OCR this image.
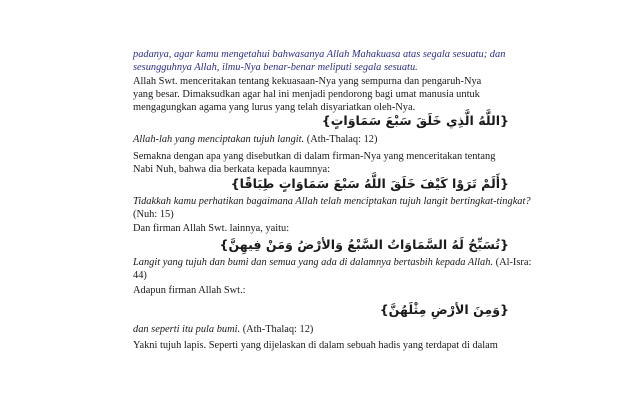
padanya, agar kamu mengetahui bahwasanya Allah Mahakuasa atas segala sesuatu; dan
sesungguhnya Allah, ilmu-Nya benar-benar meliputi segala sesuatu.
Allah Swt. menceritakan tentang kekuasaan-Nya yang sempurna dan pengaruh-Nya
yang besar. Dimaksudkan agar hal ini menjadi pendorong bagi umat manusia untuk
mengagungkan agama yang lurus yang telah disyariatkan oleh-Nya.
{اللَّهُ الَّذِي خَلَقَ سَبْعَ سَمَاوَاتٍ}
Allah-lah yang menciptakan tujuh langit. (Ath-Thalaq: 12)
Semakna dengan apa yang disebutkan di dalam firman-Nya yang menceritakan tentang
Nabi Nuh, bahwa dia berkata kepada kaumnya:
{أَلَمْ تَرَوْا كَيْفَ خَلَقَ اللَّهُ سَبْعَ سَمَاوَاتٍ طِبَاقًا}
Tidakkah kamu perhatikan bagaimana Allah telah menciptakan tujuh langit bertingkat-tingkat?
(Nuh: 15)
Dan firman Allah Swt. lainnya, yaitu:
{تُسَبِّحُ لَهُ السَّمَاوَاتُ السَّبْعُ وَالأرْضُ وَمَنْ فِيهِنَّ}
Langit yang tujuh dan bumi dan semua yang ada di dalamnya bertasbih kepada Allah. (Al-Isra:
44)
Adapun firman Allah Swt.:
{وَمِنَ الأرْضِ مِثْلَهُنَّ}
dan seperti itu pula bumi. (Ath-Thalaq: 12)
Yakni tujuh lapis. Seperti yang dijelaskan di dalam sebuah hadis yang terdapat di dalam
